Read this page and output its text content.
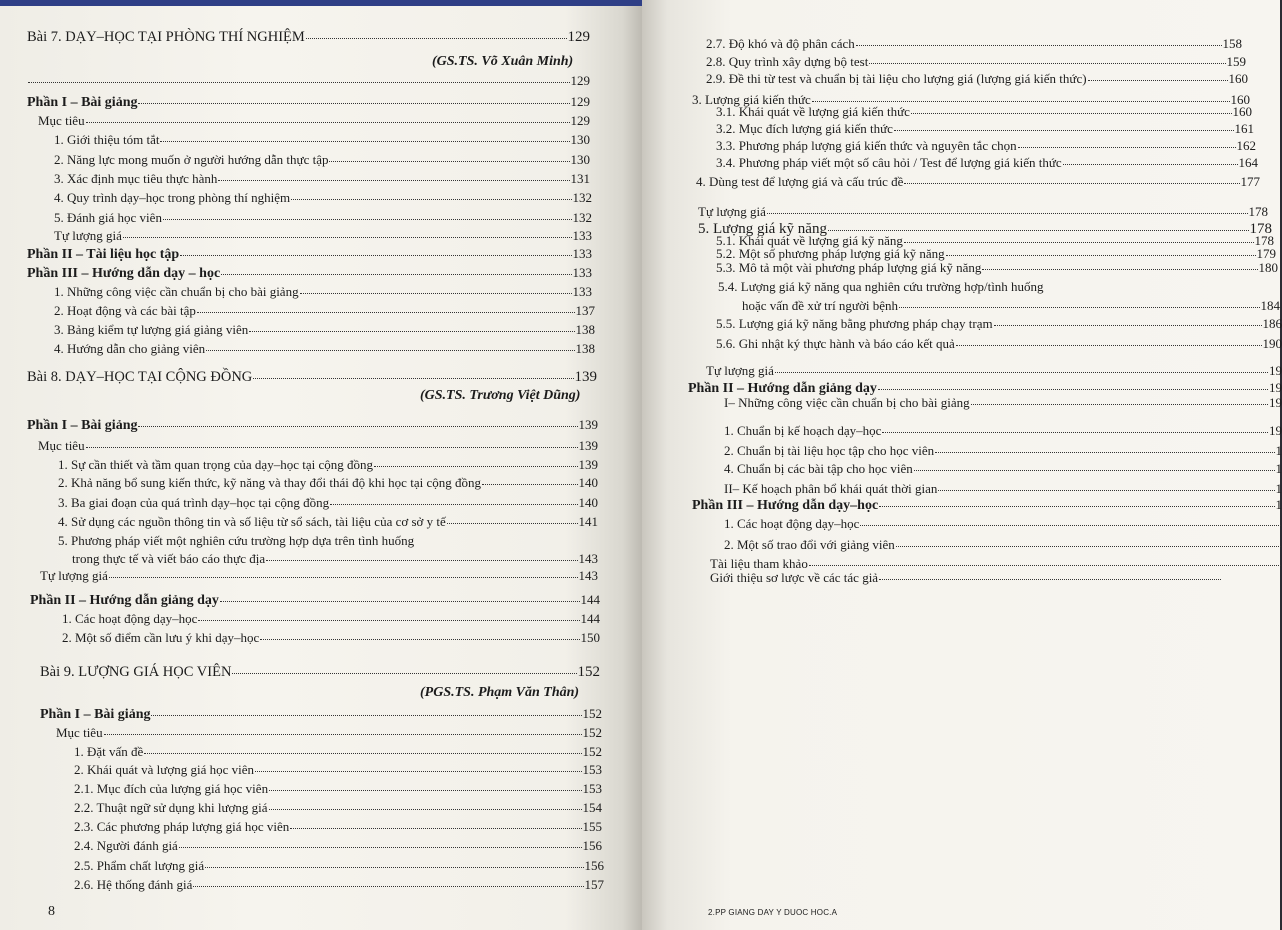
Bài 7. DẠY–HỌC TẠI PHÒNG THÍ NGHIỆM	129
(GS.TS. Võ Xuân Minh)
129
Phần I – Bài giảng	129
Mục tiêu	129
1. Giới thiệu tóm tắt	130
2. Năng lực mong muốn ở người hướng dẫn thực tập	130
3. Xác định mục tiêu thực hành	131
4. Quy trình dạy–học trong phòng thí nghiệm	132
5. Đánh giá học viên	132
Tự lượng giá	133
Phần II – Tài liệu học tập	133
Phần III – Hướng dẫn dạy – học	133
1. Những công việc cần chuẩn bị cho bài giảng	133
2. Hoạt động và các bài tập	137
3. Bảng kiểm tự lượng giá giảng viên	138
4. Hướng dẫn cho giảng viên	138
Bài 8. DẠY–HỌC TẠI CỘNG ĐỒNG	139
(GS.TS. Trương Việt Dũng)
Phần I – Bài giảng	139
Mục tiêu	139
1. Sự cần thiết và tầm quan trọng của dạy–học tại cộng đồng	139
2. Khả năng bổ sung kiến thức, kỹ năng và thay đổi thái độ khi học tại cộng đồng	140
3. Ba giai đoạn của quá trình dạy–học tại cộng đồng	140
4. Sử dụng các nguồn thông tin và số liệu từ sổ sách, tài liệu của cơ sở y tế	141
5. Phương pháp viết một nghiên cứu trường hợp dựa trên tình huống
trong thực tế và viết báo cáo thực địa	143
Tự lượng giá	143
Phần II – Hướng dẫn giảng dạy	144
1. Các hoạt động dạy–học	144
2. Một số điểm cần lưu ý khi dạy–học	150
Bài 9. LƯỢNG GIÁ HỌC VIÊN	152
(PGS.TS. Phạm Văn Thân)
Phần I – Bài giảng	152
Mục tiêu	152
1. Đặt vấn đề	152
2. Khái quát và lượng giá học viên	153
2.1. Mục đích của lượng giá học viên	153
2.2. Thuật ngữ sử dụng khi lượng giá	154
2.3. Các phương pháp lượng giá học viên	155
2.4. Người đánh giá	156
2.5. Phẩm chất lượng giá	156
2.6. Hệ thống đánh giá	157
8
2.7. Độ khó và độ phân cách	158
2.8. Quy trình xây dựng bộ test	159
2.9. Đề thi từ test và chuẩn bị tài liệu cho lượng giá (lượng giá kiến thức)	160
3. Lượng giá kiến thức	160
3.1. Khái quát về lượng giá kiến thức	160
3.2. Mục đích lượng giá kiến thức	161
3.3. Phương pháp lượng giá kiến thức và nguyên tắc chọn	162
3.4. Phương pháp viết một số câu hỏi / Test để lượng giá kiến thức	164
4. Dùng test để lượng giá và cấu trúc đề	177
Tự lượng giá	178
5. Lượng giá kỹ năng	178
5.1. Khái quát về lượng giá kỹ năng	178
5.2. Một số phương pháp lượng giá kỹ năng	179
5.3. Mô tả một vài phương pháp lượng giá kỹ năng	180
5.4. Lượng giá kỹ năng qua nghiên cứu trường hợp/tình huống
hoặc vấn đề xử trí người bệnh	184
5.5. Lượng giá kỹ năng bằng phương pháp chạy trạm	186
5.6. Ghi nhật ký thực hành và báo cáo kết quả	190
Tự lượng giá	19
Phần II – Hướng dẫn giảng dạy	19
I– Những công việc cần chuẩn bị cho bài giảng	19
1. Chuẩn bị kế hoạch dạy–học	19
2. Chuẩn bị tài liệu học tập cho học viên	1
4. Chuẩn bị các bài tập cho học viên	1
II– Kế hoạch phân bổ khái quát thời gian	1
Phần III – Hướng dẫn dạy–học	1
1. Các hoạt động dạy–học
2. Một số trao đổi với giảng viên
Tài liệu tham khảo
Giới thiệu sơ lược về các tác giả
2.PP GIANG DAY Y DUOC HOC.A
